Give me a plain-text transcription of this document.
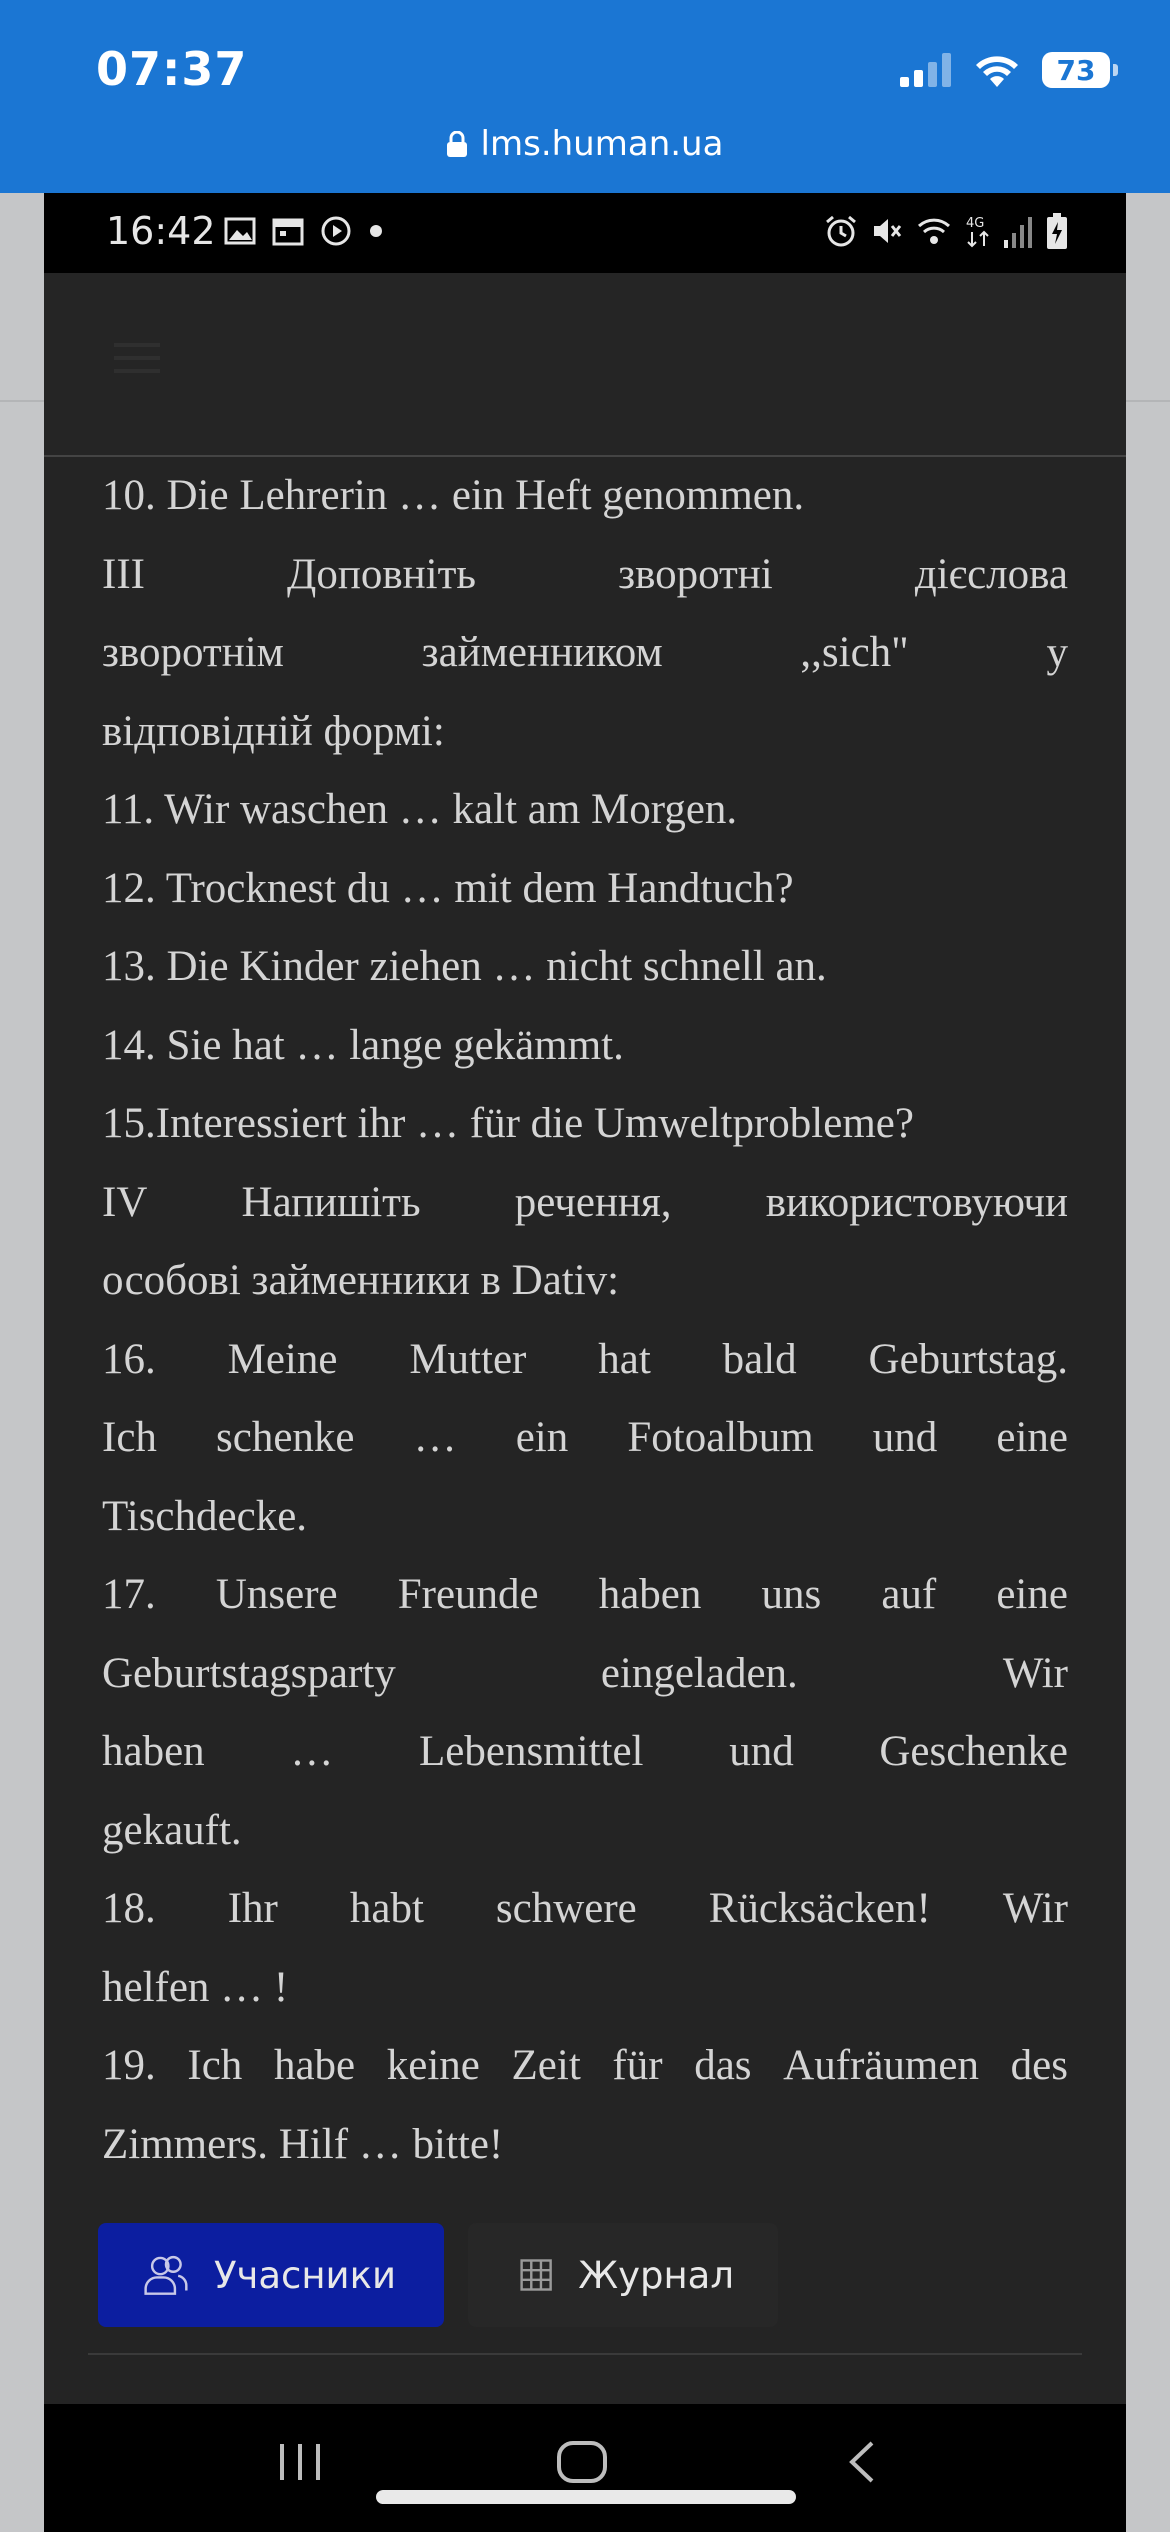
07:37	73
lms.human.ua
16:42	4G
10. Die Lehrerin … ein Heft genommen.
III	Доповніть	зворотні	дієслова
зворотнім	займенником	,,sich"	у
відповідній формі:
11. Wir waschen … kalt am Morgen.
12. Trocknest du … mit dem Handtuch?
13. Die Kinder ziehen … nicht schnell an.
14. Sie hat … lange gekämmt.
15.Interessiert ihr … für die Umweltprobleme?
IV Напишіть речення, використовуючи
особові займенники в Dativ:
16. Meine Mutter hat bald Geburtstag.
Ich schenke … ein Fotoalbum und eine
Tischdecke.
17. Unsere Freunde haben uns auf eine
Geburtstagsparty	eingeladen.	Wir
haben … Lebensmittel und Geschenke
gekauft.
18. Ihr habt schwere Rücksäcken! Wir
helfen … !
19. Ich habe keine Zeit für das Aufräumen des
Zimmers. Hilf … bitte!
Учасники	Журнал
